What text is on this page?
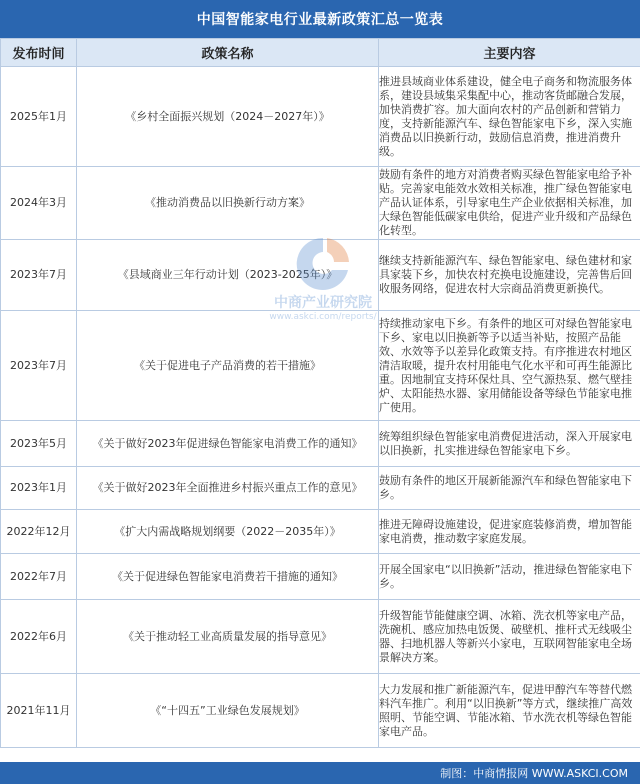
中国智能家电行业最新政策汇总一览表
发布时间	政策名称	主要内容
2025年1月	《乡村全面振兴规划（2024－2027年）》	推进县域商业体系建设，健全电子商务和物流服务体系，建设县域集采集配中心，推动客货邮融合发展，加快消费扩容。加大面向农村的产品创新和营销力度，支持新能源汽车、绿色智能家电下乡，深入实施消费品以旧换新行动，鼓励信息消费，推进消费升级。
2024年3月	《推动消费品以旧换新行动方案》	鼓励有条件的地方对消费者购买绿色智能家电给予补贴。完善家电能效水效相关标准，推广绿色智能家电产品认证体系，引导家电生产企业依据相关标准，加大绿色智能低碳家电供给，促进产业升级和产品绿色化转型。
2023年7月	《县域商业三年行动计划（2023-2025年）》	继续支持新能源汽车、绿色智能家电、绿色建材和家具家装下乡，加快农村充换电设施建设，完善售后回收服务网络，促进农村大宗商品消费更新换代。
2023年7月	《关于促进电子产品消费的若干措施》	持续推动家电下乡。有条件的地区可对绿色智能家电下乡、家电以旧换新等予以适当补贴，按照产品能效、水效等予以差异化政策支持。有序推进农村地区清洁取暖，提升农村用能电气化水平和可再生能源比重。因地制宜支持环保灶具、空气源热泵、燃气壁挂炉、太阳能热水器、家用储能设备等绿色节能家电推广使用。
2023年5月	《关于做好2023年促进绿色智能家电消费工作的通知》	统筹组织绿色智能家电消费促进活动，深入开展家电以旧换新，扎实推进绿色智能家电下乡。
2023年1月	《关于做好2023年全面推进乡村振兴重点工作的意见》	鼓励有条件的地区开展新能源汽车和绿色智能家电下乡。
2022年12月	《扩大内需战略规划纲要（2022－2035年）》	推进无障碍设施建设，促进家庭装修消费，增加智能家电消费，推动数字家庭发展。
2022年7月	《关于促进绿色智能家电消费若干措施的通知》	开展全国家电“以旧换新”活动，推进绿色智能家电下乡。
2022年6月	《关于推动轻工业高质量发展的指导意见》	升级智能节能健康空调、冰箱、洗衣机等家电产品，洗碗机、感应加热电饭煲、破壁机、推杆式无线吸尘器、扫地机器人等新兴小家电，互联网智能家电全场景解决方案。
2021年11月	《“十四五”工业绿色发展规划》	大力发展和推广新能源汽车，促进甲醇汽车等替代燃料汽车推广。利用“以旧换新”等方式，继续推广高效照明、节能空调、节能冰箱、节水洗衣机等绿色智能家电产品。
中商产业研究院
www.askci.com/reports/
制图：中商情报网 WWW.ASKCI.COM
